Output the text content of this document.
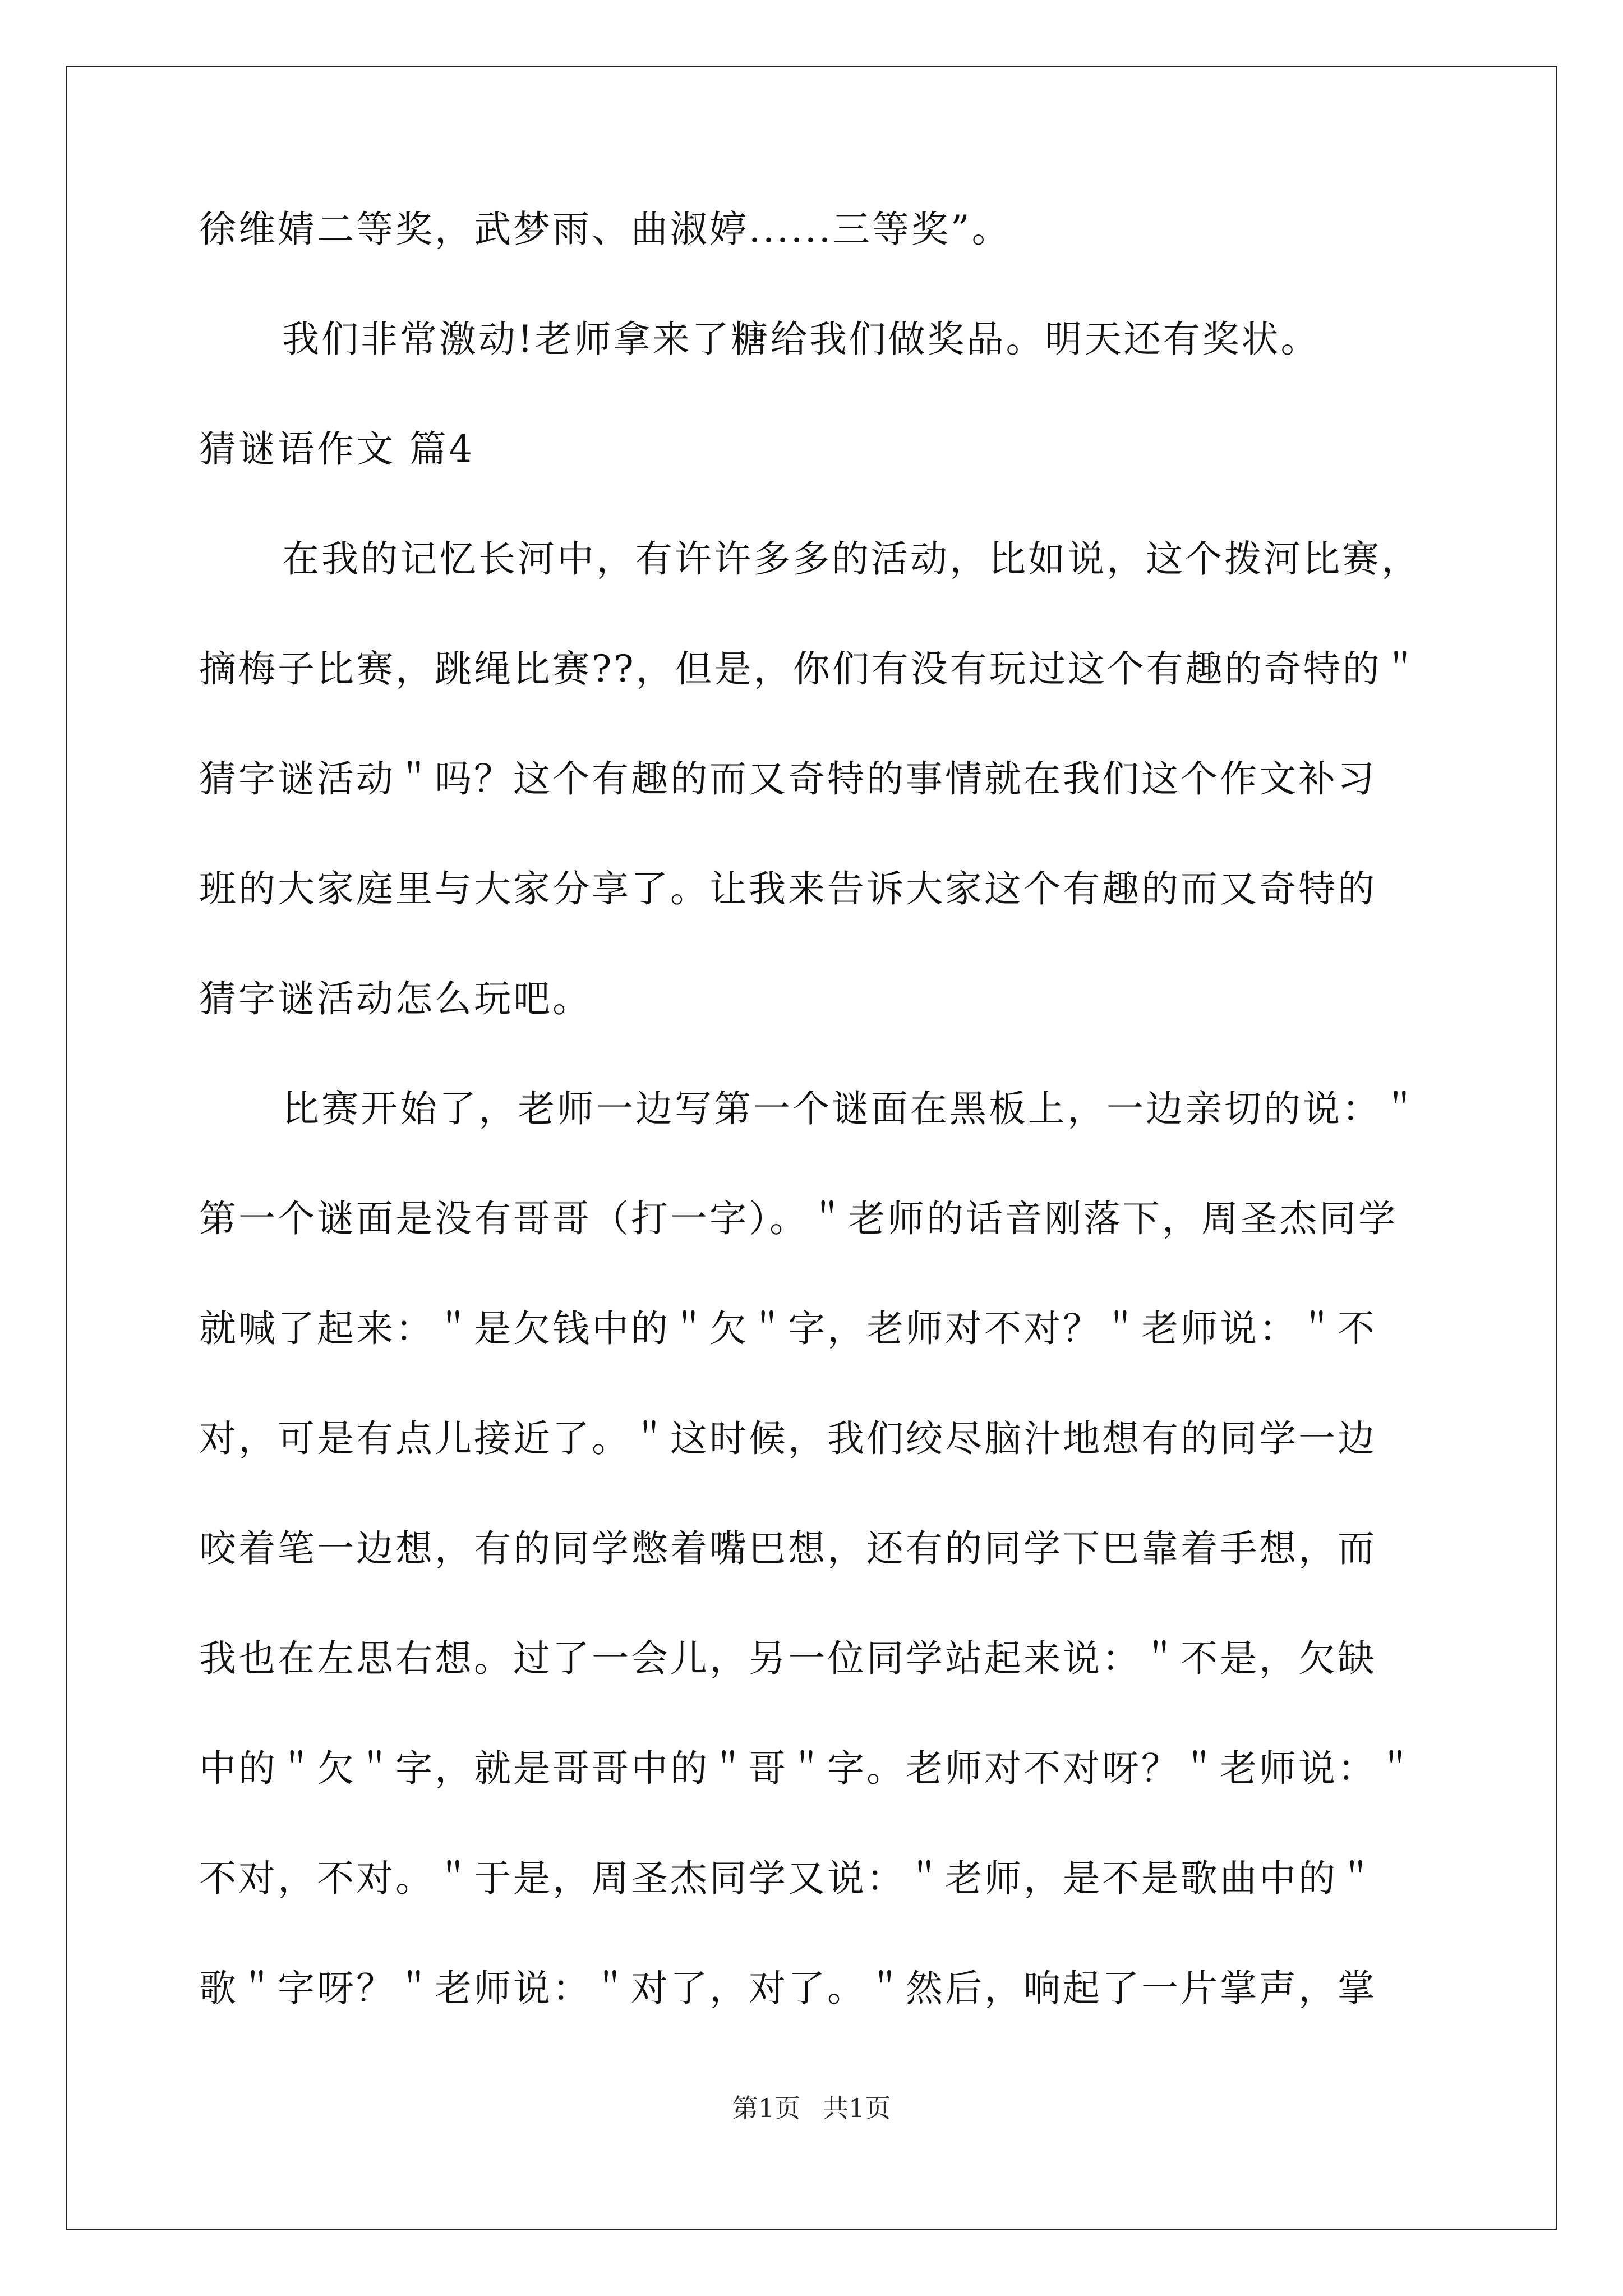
徐维婧二等奖，武梦雨、曲淑婷......三等奖”。
我们非常激动!老师拿来了糖给我们做奖品。明天还有奖状。
猜谜语作文 篇4
在我的记忆长河中，有许许多多的活动，比如说，这个拨河比赛，
摘梅子比赛，跳绳比赛??，但是，你们有没有玩过这个有趣的奇特的＂
猜字谜活动＂吗？这个有趣的而又奇特的事情就在我们这个作文补习
班的大家庭里与大家分享了。让我来告诉大家这个有趣的而又奇特的
猜字谜活动怎么玩吧。
比赛开始了，老师一边写第一个谜面在黑板上，一边亲切的说：＂
第一个谜面是没有哥哥（打一字）。＂老师的话音刚落下，周圣杰同学
就喊了起来：＂是欠钱中的＂欠＂字，老师对不对？＂老师说：＂不
对，可是有点儿接近了。＂这时候，我们绞尽脑汁地想有的同学一边
咬着笔一边想，有的同学憋着嘴巴想，还有的同学下巴靠着手想，而
我也在左思右想。过了一会儿，另一位同学站起来说：＂不是，欠缺
中的＂欠＂字，就是哥哥中的＂哥＂字。老师对不对呀？＂老师说：＂
不对，不对。＂于是，周圣杰同学又说：＂老师，是不是歌曲中的＂
歌＂字呀？＂老师说：＂对了，对了。＂然后，响起了一片掌声，掌
第1页 共1页
